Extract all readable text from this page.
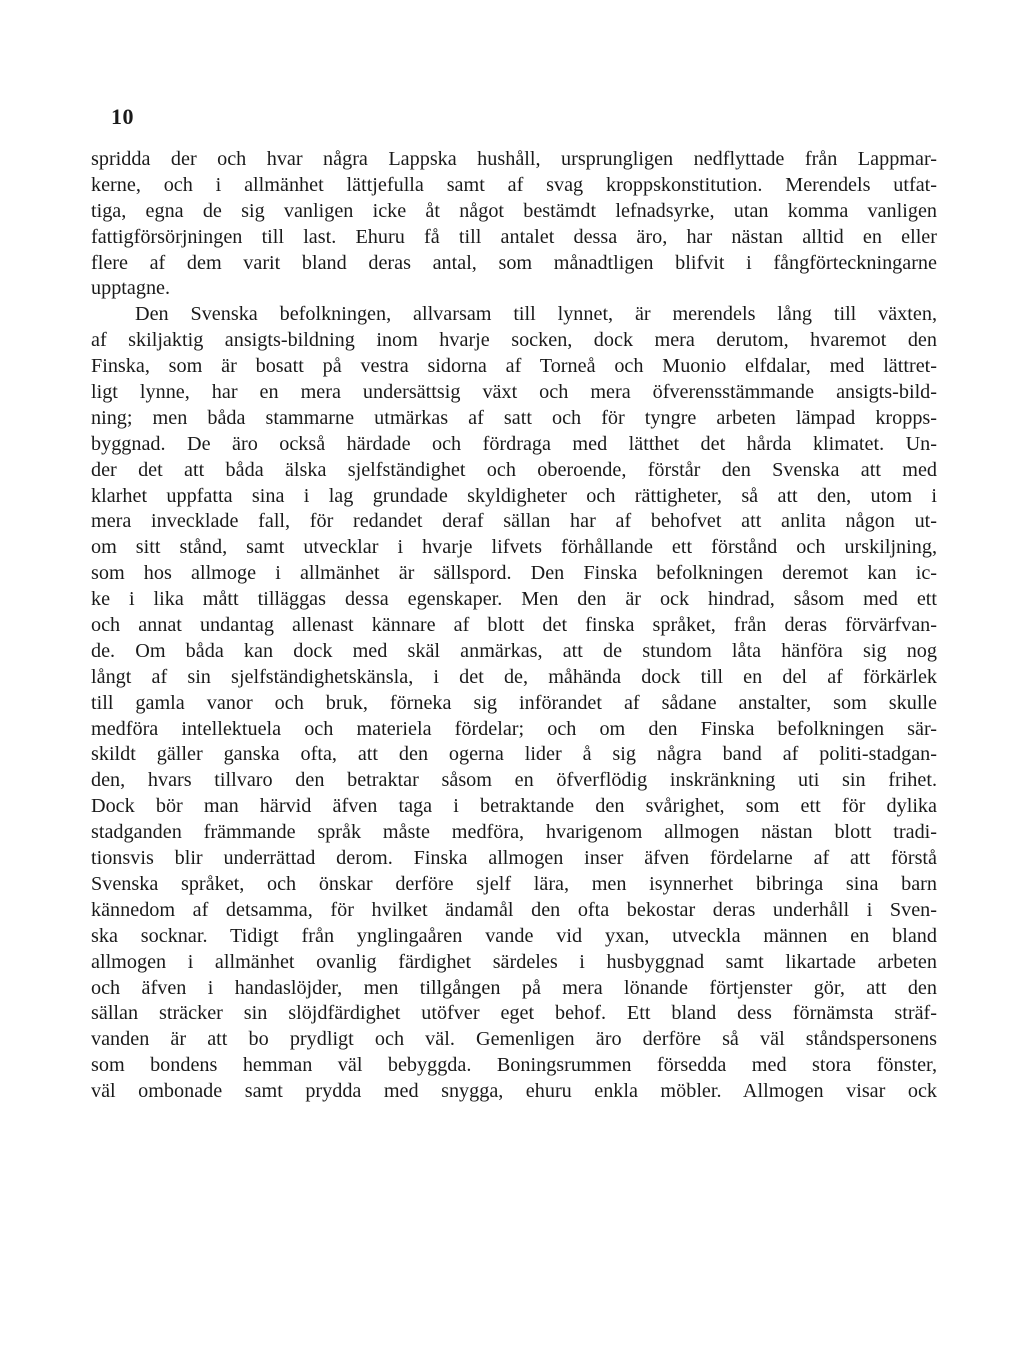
10
spridda der och hvar några Lappska hushåll, ursprungligen nedflyttade från Lappmar-
kerne, och i allmänhet lättjefulla samt af svag kroppskonstitution. Merendels utfat-
tiga, egna de sig vanligen icke åt något bestämdt lefnadsyrke, utan komma vanligen
fattigförsörjningen till last. Ehuru få till antalet dessa äro, har nästan alltid en eller
flere af dem varit bland deras antal, som månadtligen blifvit i fångförteckningarne
upptagne.
Den Svenska befolkningen, allvarsam till lynnet, är merendels lång till växten,
af skiljaktig ansigts-bildning inom hvarje socken, dock mera derutom, hvaremot den
Finska, som är bosatt på vestra sidorna af Torneå och Muonio elfdalar, med lättret-
ligt lynne, har en mera undersättsig växt och mera öfverensstämmande ansigts-bild-
ning; men båda stammarne utmärkas af satt och för tyngre arbeten lämpad kropps-
byggnad. De äro också härdade och fördraga med lätthet det hårda klimatet. Un-
der det att båda älska sjelfständighet och oberoende, förstår den Svenska att med
klarhet uppfatta sina i lag grundade skyldigheter och rättigheter, så att den, utom i
mera invecklade fall, för redandet deraf sällan har af behofvet att anlita någon ut-
om sitt stånd, samt utvecklar i hvarje lifvets förhållande ett förstånd och urskiljning,
som hos allmoge i allmänhet är sällspord. Den Finska befolkningen deremot kan ic-
ke i lika mått tilläggas dessa egenskaper. Men den är ock hindrad, såsom med ett
och annat undantag allenast kännare af blott det finska språket, från deras förvärfvan-
de. Om båda kan dock med skäl anmärkas, att de stundom låta hänföra sig nog
långt af sin sjelfständighetskänsla, i det de, måhända dock till en del af förkärlek
till gamla vanor och bruk, förneka sig införandet af sådane anstalter, som skulle
medföra intellektuela och materiela fördelar; och om den Finska befolkningen sär-
skildt gäller ganska ofta, att den ogerna lider å sig några band af politi-stadgan-
den, hvars tillvaro den betraktar såsom en öfverflödig inskränkning uti sin frihet.
Dock bör man härvid äfven taga i betraktande den svårighet, som ett för dylika
stadganden främmande språk måste medföra, hvarigenom allmogen nästan blott tradi-
tionsvis blir underrättad derom. Finska allmogen inser äfven fördelarne af att förstå
Svenska språket, och önskar derföre sjelf lära, men isynnerhet bibringa sina barn
kännedom af detsamma, för hvilket ändamål den ofta bekostar deras underhåll i Sven-
ska socknar. Tidigt från ynglingaåren vande vid yxan, utveckla männen en bland
allmogen i allmänhet ovanlig färdighet särdeles i husbyggnad samt likartade arbeten
och äfven i handaslöjder, men tillgången på mera lönande förtjenster gör, att den
sällan sträcker sin slöjdfärdighet utöfver eget behof. Ett bland dess förnämsta sträf-
vanden är att bo prydligt och väl. Gemenligen äro derföre så väl ståndspersonens
som bondens hemman väl bebyggda. Boningsrummen försedda med stora fönster,
väl ombonade samt prydda med snygga, ehuru enkla möbler. Allmogen visar ock
